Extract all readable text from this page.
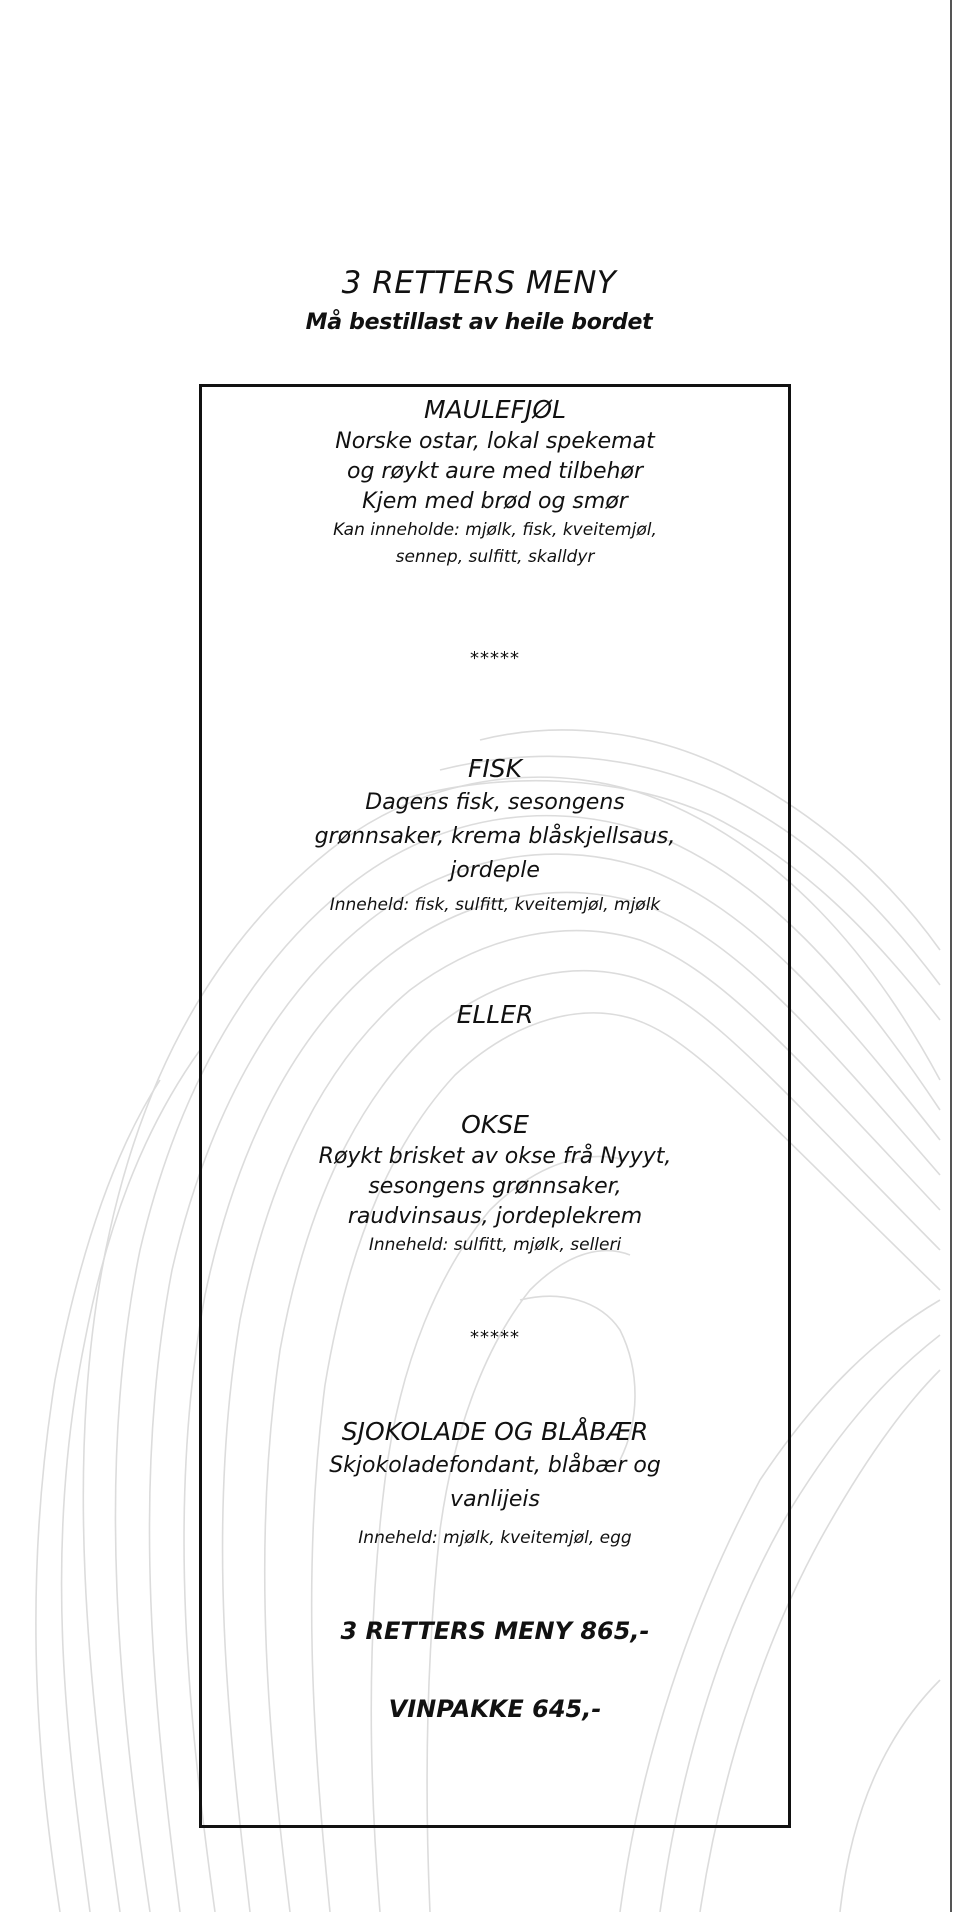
3 RETTERS MENY

Må bestillast av heile bordet

MAULEFJØL

Norske ostar, lokal spekemat

og røykt aure med tilbehør

Kjem med brød og smør

Kan inneholde: mjølk, fisk, kveitemjøl,

sennep, sulfitt, skalldyr

*****

FISK

Dagens fisk, sesongens

grønnsaker, krema blåskjellsaus,

jordeple

Inneheld: fisk, sulfitt, kveitemjøl, mjølk

ELLER

OKSE

Røykt brisket av okse frå Nyyyt,

sesongens grønnsaker,

raudvinsaus, jordeplekrem

Inneheld: sulfitt, mjølk, selleri

*****

SJOKOLADE OG BLÅBÆR

Skjokoladefondant, blåbær og

vanlijeis

Inneheld: mjølk, kveitemjøl, egg

3 RETTERS MENY 865,-

VINPAKKE 645,-
